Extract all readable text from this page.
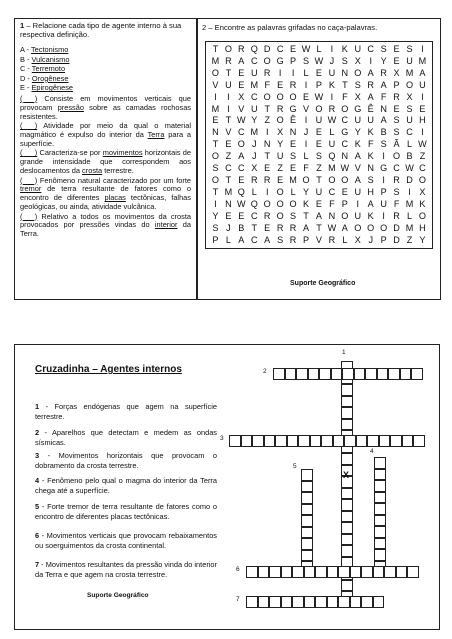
1 – Relacione cada tipo de agente interno à sua respectiva definição.
A - Tectonismo
B - Vulcanismo
C - Terremoto
D - Orogênese
E - Epirogênese

(___) Consiste em movimentos verticais que provocam pressão sobre as camadas rochosas resistentes.

(___) Atividade por meio da qual o material magmático é expulso do interior da Terra para a superfície.

(___) Caracteriza-se por movimentos horizontais de grande intensidade que correspondem aos deslocamentos da crosta terrestre.

(___) Fenômeno natural caracterizado por um forte tremor de terra resultante de fatores como o encontro de diferentes placas tectônicas, falhas geológicas, ou ainda, atividade vulcânica.

(___) Relativo a todos os movimentos da crosta provocados por pressões vindas do interior da Terra.

2 – Encontre as palavras grifadas no caça-palavras.
T O R Q D C E W L	I K U C S E S I
M R A C O G P S W J S X I Y E U M
O T E U R I	I	L E U N O A R X M A
V U E M F E R I P K T S R A P O U
I	I X C O O O E W I F X A F R X I
M I V U T R G V O R O G Ê N E S E
E T W Y Z O Ê I U W C U U A S U H
N V C M I X N J E L G Y K B S C I
T E O J N Y E I E U C K F S Ã L W
O Z A J T U S L S Q N A K I O B Z
S C C X E Z E F Z M W V N G C W C
O T E R R E M O T O O A S I R D O
T M Q L	I O L Y U C E U H P S I X
I N W Q O O O K E F P I A U F M K
Y E E C R O S T A N O U K I R L O
S J B T E R R A T W A O O O D M H
P L A C A S R P V R L X J P D Z Y
Suporte Geográfico
Cruzadinha – Agentes internos
1 - Forças endógenas que agem na superfície terrestre.
2 - Aparelhos que detectam e medem as ondas sísmicas.
3 - Movimentos horizontais que provocam o dobramento da crosta terrestre.
4 - Fenômeno pelo qual o magma do interior da Terra chega até a superfície.
5 - Forte tremor de terra resultante de fatores como o encontro de diferentes placas tectônicas.
6 - Movimentos verticais que provocam rebaixamentos ou soerguimentos da crosta continental.
7 - Movimentos resultantes da pressão vinda do interior da Terra e que agem na crosta terrestre.
Suporte Geográfico
1
2
3
4
5
6
7
X
